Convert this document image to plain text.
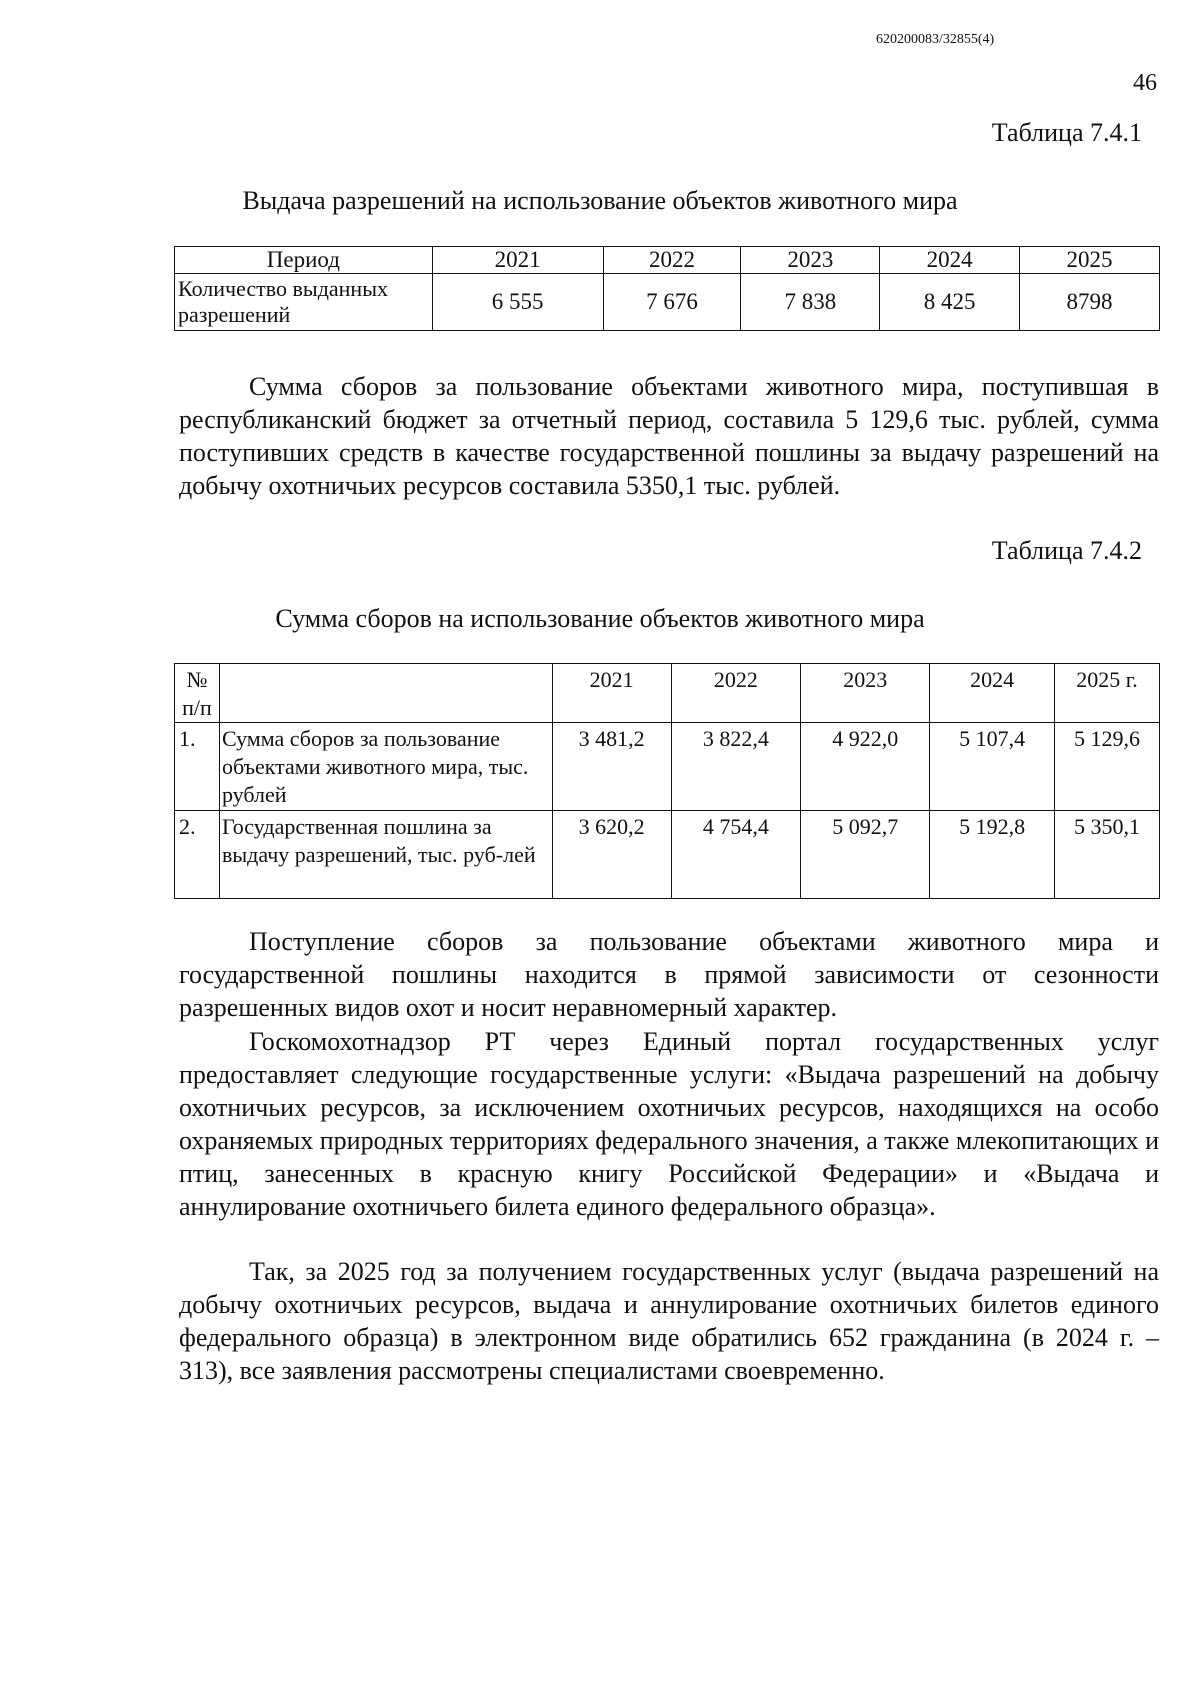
620200083/32855(4)
46
Таблица 7.4.1
Выдача разрешений на использование объектов животного мира
Период	2021	2022	2023	2024	2025
Количество выданных разрешений	6 555	7 676	7 838	8 425	8798

Сумма сборов за пользование объектами животного мира, поступившая в республиканский бюджет за отчетный период, составила 5 129,6 тыс. рублей, сумма поступивших средств в качестве государственной пошлины за выдачу разрешений на добычу охотничьих ресурсов составила 5350,1 тыс. рублей.

Таблица 7.4.2
Сумма сборов на использование объектов животного мира
№ п/п		2021	2022	2023	2024	2025 г.
1.	Сумма сборов за пользование объектами животного мира, тыс. рублей	3 481,2	3 822,4	4 922,0	5 107,4	5 129,6
2.	Государственная пошлина за выдачу разрешений, тыс. руб-лей	3 620,2	4 754,4	5 092,7	5 192,8	5 350,1

Поступление сборов за пользование объектами животного мира и государственной пошлины находится в прямой зависимости от сезонности разрешенных видов охот и носит неравномерный характер.

Госкомохотнадзор РТ через Единый портал государственных услуг предоставляет следующие государственные услуги: «Выдача разрешений на добычу охотничьих ресурсов, за исключением охотничьих ресурсов, находящихся на особо охраняемых природных территориях федерального значения, а также млекопитающих и птиц, занесенных в красную книгу Российской Федерации» и «Выдача и аннулирование охотничьего билета единого федерального образца».

Так, за 2025 год за получением государственных услуг (выдача разрешений на добычу охотничьих ресурсов, выдача и аннулирование охотничьих билетов единого федерального образца) в электронном виде обратились 652 гражданина (в 2024 г. – 313), все заявления рассмотрены специалистами своевременно.
